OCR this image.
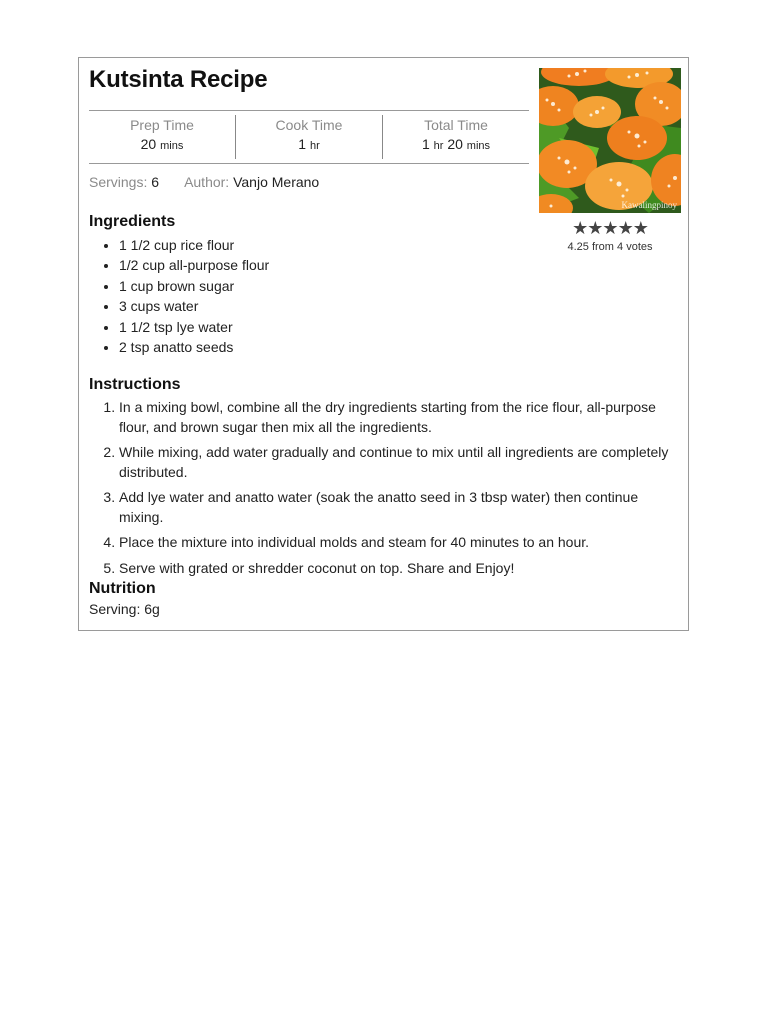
Kutsinta Recipe
Prep Time
20 mins
Cook Time
1 hr
Total Time
1 hr 20 mins
Servings: 6 Author: Vanjo Merano
Kawalingpinoy
★★★★★
4.25 from 4 votes
Ingredients
• 1 1/2 cup rice flour
• 1/2 cup all-purpose flour
• 1 cup brown sugar
• 3 cups water
• 1 1/2 tsp lye water
• 2 tsp anatto seeds
Instructions
1. In a mixing bowl, combine all the dry ingredients starting from the rice flour, all-purpose flour, and brown sugar then mix all the ingredients.
2. While mixing, add water gradually and continue to mix until all ingredients are completely distributed.
3. Add lye water and anatto water (soak the anatto seed in 3 tbsp water) then continue mixing.
4. Place the mixture into individual molds and steam for 40 minutes to an hour.
5. Serve with grated or shredder coconut on top. Share and Enjoy!
Nutrition
Serving: 6g
